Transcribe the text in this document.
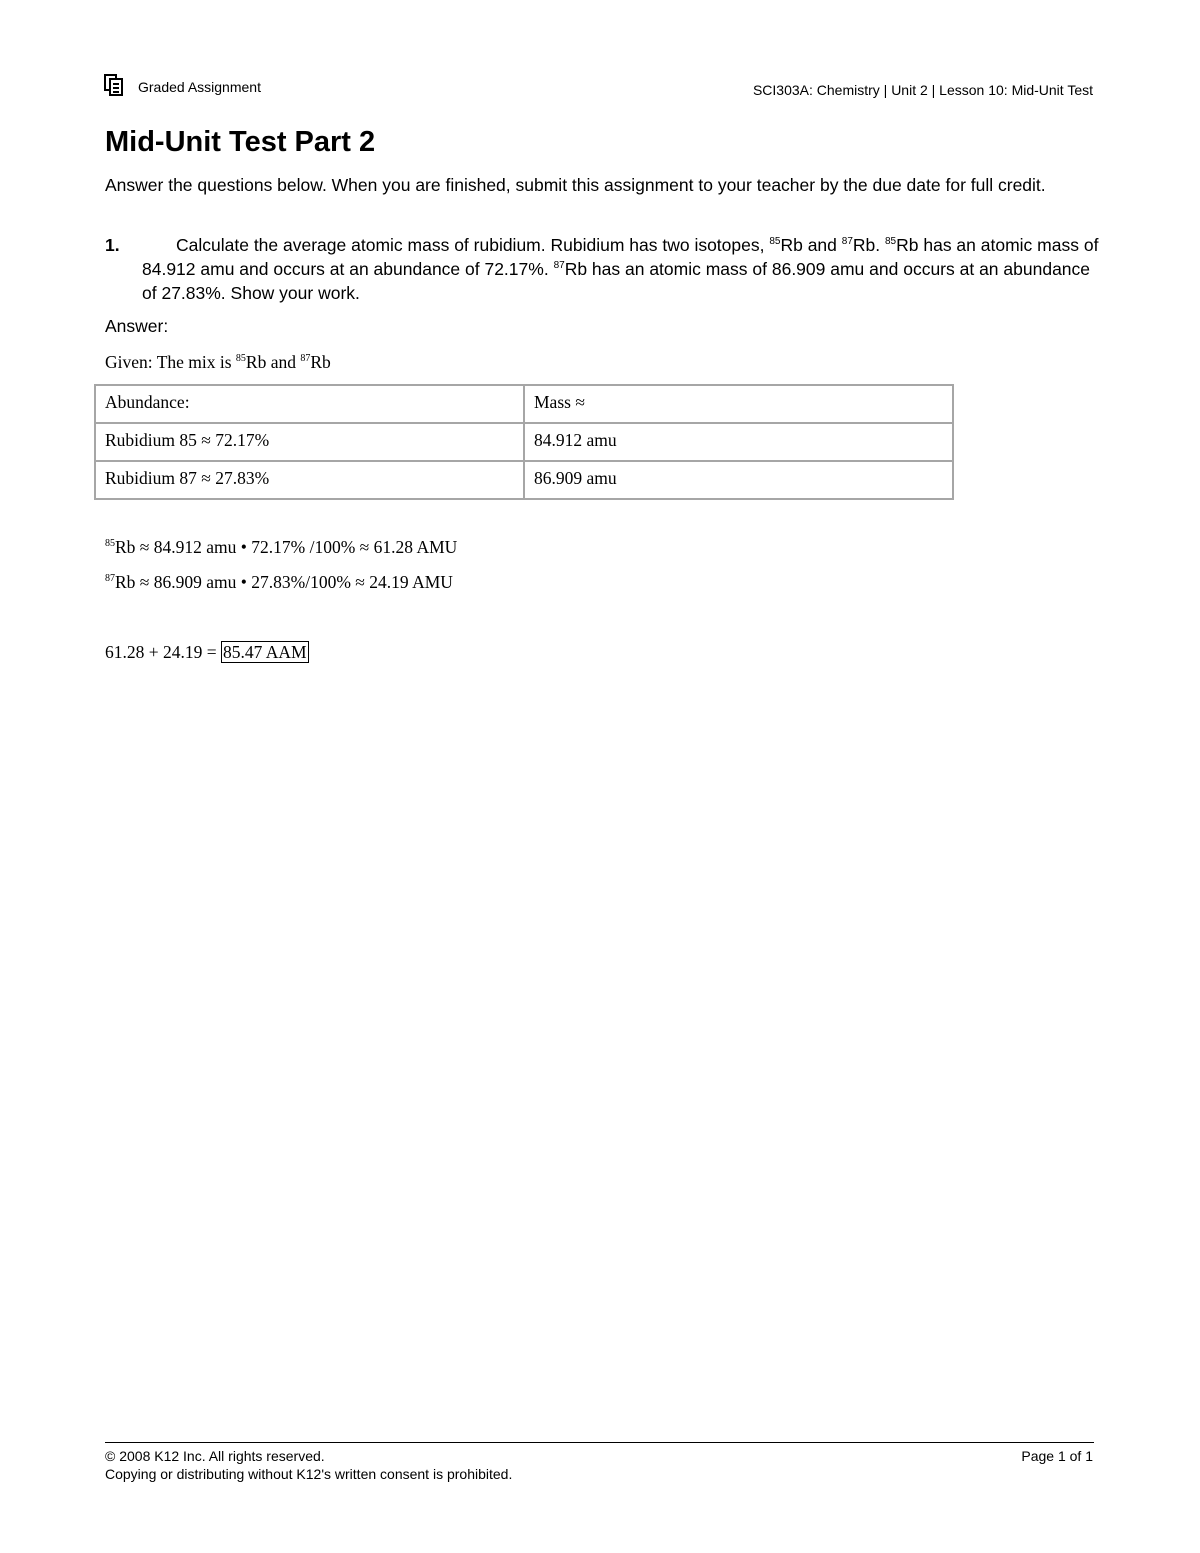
Graded Assignment	SCI303A: Chemistry | Unit 2 | Lesson 10: Mid-Unit Test
Mid-Unit Test Part 2

Answer the questions below. When you are finished, submit this assignment to your teacher by the due date for full credit.

1.	Calculate the average atomic mass of rubidium. Rubidium has two isotopes, $^{85}$Rb and $^{87}$Rb. $^{85}$Rb has an atomic mass of 84.912 amu and occurs at an abundance of 72.17%. $^{87}$Rb has an atomic mass of 86.909 amu and occurs at an abundance of 27.83%. Show your work.

Answer:
Given: The mix is $^{85}$Rb and $^{87}$Rb
Abundance:	Mass ≈
Rubidium 85 ≈ 72.17%	84.912 amu
Rubidium 87 ≈ 27.83%	86.909 amu
$^{85}$Rb ≈ 84.912 amu • 72.17% /100% ≈ 61.28 AMU
$^{87}$Rb ≈ 86.909 amu • 27.83%/100% ≈ 24.19 AMU
61.28 + 24.19 = 85.47 AAM
© 2008 K12 Inc. All rights reserved.
Copying or distributing without K12's written consent is prohibited.
Page 1 of 1
